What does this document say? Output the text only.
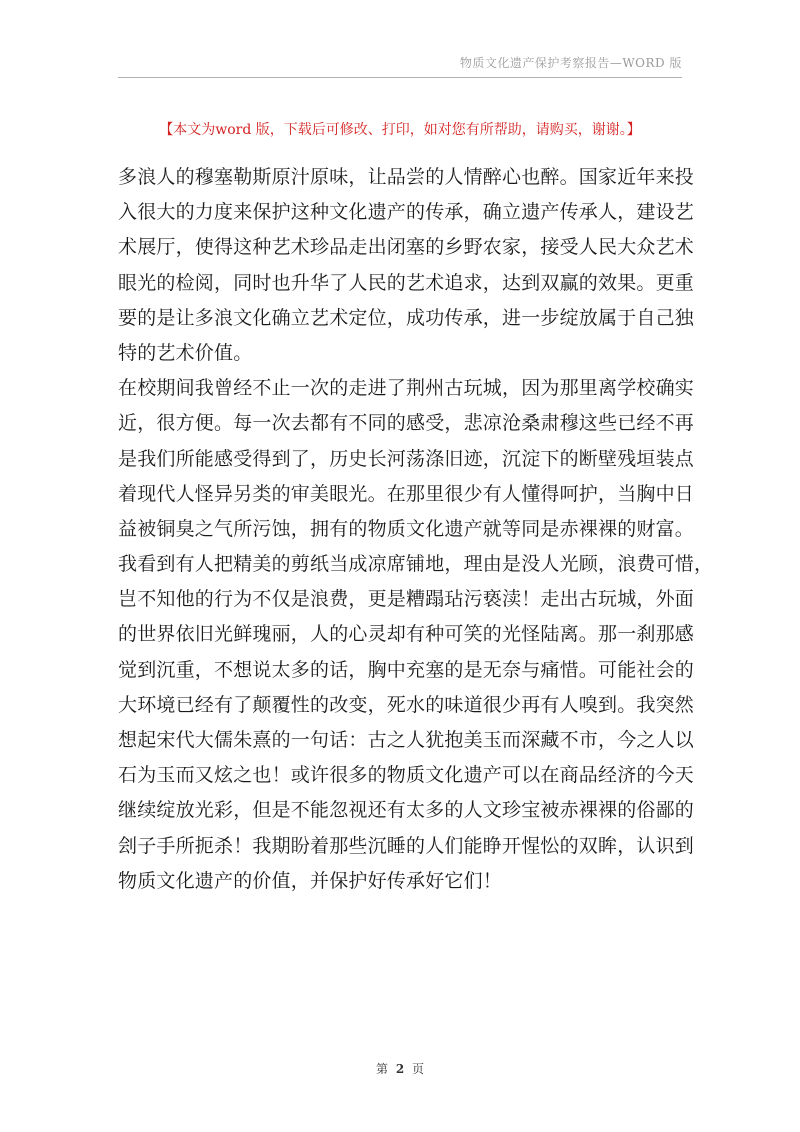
物质文化遗产保护考察报告—WORD 版
【本文为word 版，下载后可修改、打印，如对您有所帮助，请购买，谢谢。】
多浪人的穆塞勒斯原汁原味，让品尝的人情醉心也醉。国家近年来投
入很大的力度来保护这种文化遗产的传承，确立遗产传承人，建设艺
术展厅，使得这种艺术珍品走出闭塞的乡野农家，接受人民大众艺术
眼光的检阅，同时也升华了人民的艺术追求，达到双赢的效果。更重
要的是让多浪文化确立艺术定位，成功传承，进一步绽放属于自己独
特的艺术价值。
在校期间我曾经不止一次的走进了荆州古玩城，因为那里离学校确实
近，很方便。每一次去都有不同的感受，悲凉沧桑肃穆这些已经不再
是我们所能感受得到了，历史长河荡涤旧迹，沉淀下的断壁残垣装点
着现代人怪异另类的审美眼光。在那里很少有人懂得呵护，当胸中日
益被铜臭之气所污蚀，拥有的物质文化遗产就等同是赤裸裸的财富。
我看到有人把精美的剪纸当成凉席铺地，理由是没人光顾，浪费可惜，
岂不知他的行为不仅是浪费，更是糟蹋玷污亵渎！走出古玩城，外面
的世界依旧光鲜瑰丽，人的心灵却有种可笑的光怪陆离。那一刹那感
觉到沉重，不想说太多的话，胸中充塞的是无奈与痛惜。可能社会的
大环境已经有了颠覆性的改变，死水的味道很少再有人嗅到。我突然
想起宋代大儒朱熹的一句话：古之人犹抱美玉而深藏不市，今之人以
石为玉而又炫之也！或许很多的物质文化遗产可以在商品经济的今天
继续绽放光彩，但是不能忽视还有太多的人文珍宝被赤裸裸的俗鄙的
刽子手所扼杀！我期盼着那些沉睡的人们能睁开惺忪的双眸，认识到
物质文化遗产的价值，并保护好传承好它们！
第 2 页
